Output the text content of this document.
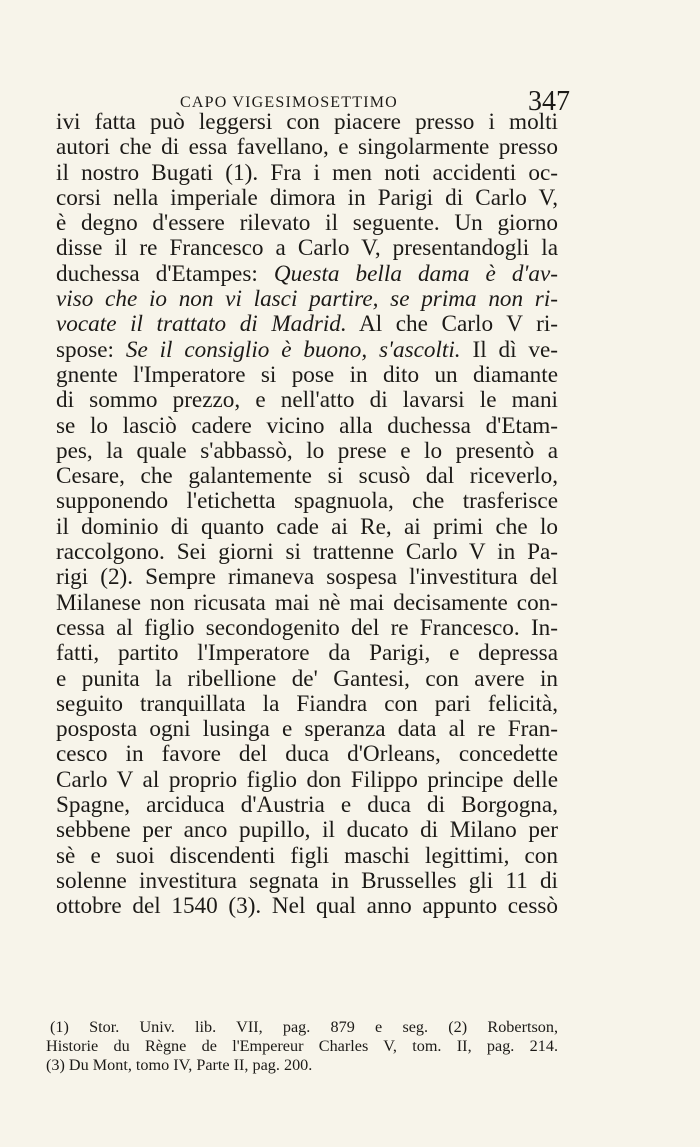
CAPO VIGESIMOSETTIMO	347
ivi fatta può leggersi con piacere presso i molti
autori che di essa favellano, e singolarmente presso
il nostro Bugati (1). Fra i men noti accidenti oc-
corsi nella imperiale dimora in Parigi di Carlo V,
è degno d'essere rilevato il seguente. Un giorno
disse il re Francesco a Carlo V, presentandogli la
duchessa d'Etampes: Questa bella dama è d'av-
viso che io non vi lasci partire, se prima non ri-
vocate il trattato di Madrid. Al che Carlo V ri-
spose: Se il consiglio è buono, s'ascolti. Il dì ve-
gnente l'Imperatore si pose in dito un diamante
di sommo prezzo, e nell'atto di lavarsi le mani
se lo lasciò cadere vicino alla duchessa d'Etam-
pes, la quale s'abbassò, lo prese e lo presentò a
Cesare, che galantemente si scusò dal riceverlo,
supponendo l'etichetta spagnuola, che trasferisce
il dominio di quanto cade ai Re, ai primi che lo
raccolgono. Sei giorni si trattenne Carlo V in Pa-
rigi (2). Sempre rimaneva sospesa l'investitura del
Milanese non ricusata mai nè mai decisamente con-
cessa al figlio secondogenito del re Francesco. In-
fatti, partito l'Imperatore da Parigi, e depressa
e punita la ribellione de' Gantesi, con avere in
seguito tranquillata la Fiandra con pari felicità,
posposta ogni lusinga e speranza data al re Fran-
cesco in favore del duca d'Orleans, concedette
Carlo V al proprio figlio don Filippo principe delle
Spagne, arciduca d'Austria e duca di Borgogna,
sebbene per anco pupillo, il ducato di Milano per
sè e suoi discendenti figli maschi legittimi, con
solenne investitura segnata in Brusselles gli 11 di
ottobre del 1540 (3). Nel qual anno appunto cessò
(1) Stor. Univ. lib. VII, pag. 879 e seg. (2) Robertson,
Historie du Règne de l'Empereur Charles V, tom. II, pag. 214.
(3) Du Mont, tomo IV, Parte II, pag. 200.
